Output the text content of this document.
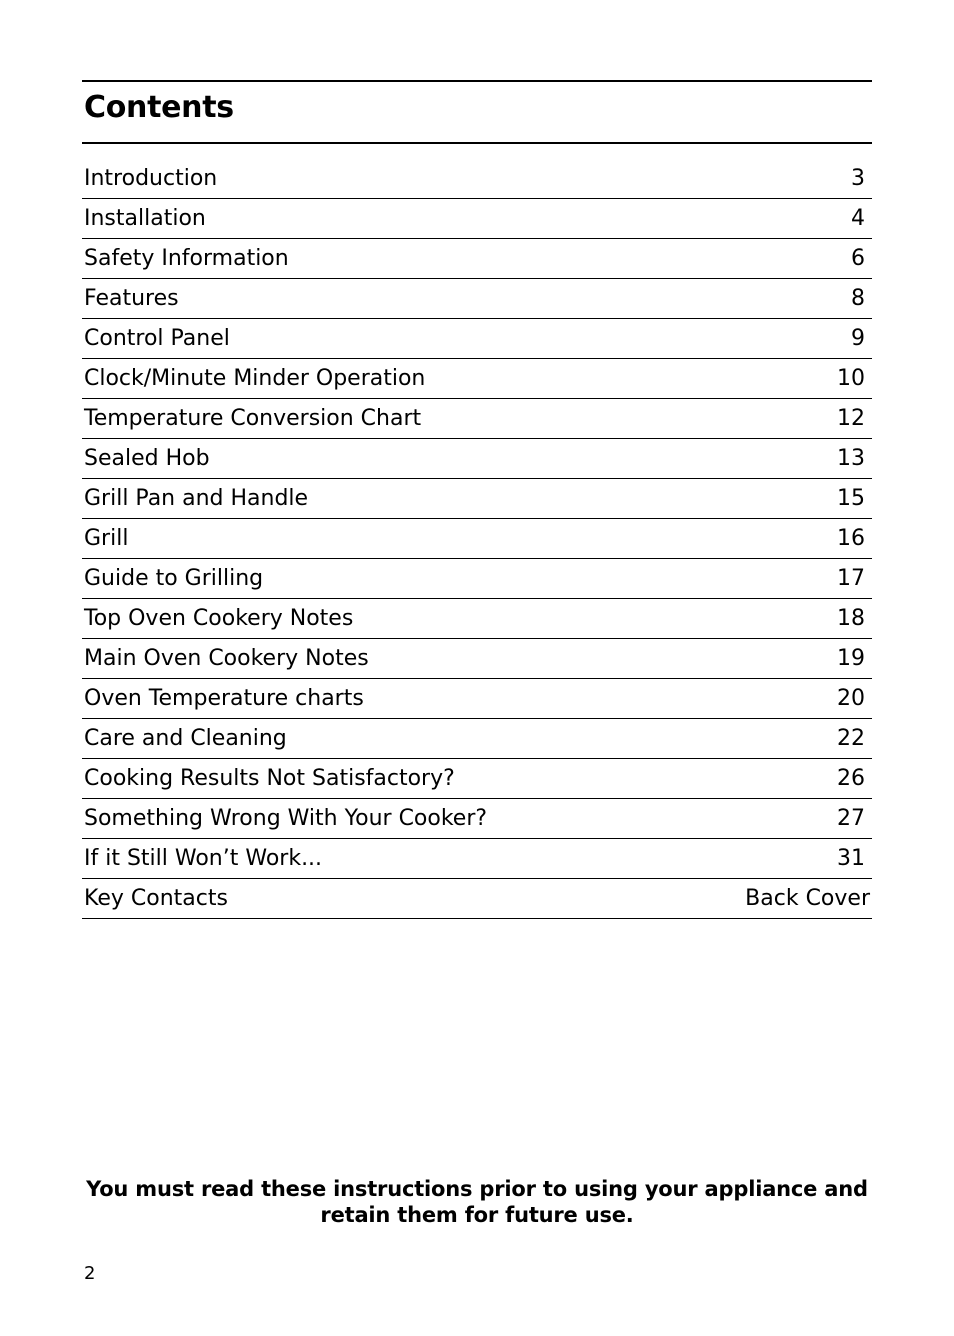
Contents
Introduction	3
Installation	4
Safety Information	6
Features	8
Control Panel	9
Clock/Minute Minder Operation	10
Temperature Conversion Chart	12
Sealed Hob	13
Grill Pan and Handle	15
Grill	16
Guide to Grilling	17
Top Oven Cookery Notes	18
Main Oven Cookery Notes	19
Oven Temperature charts	20
Care and Cleaning	22
Cooking Results Not Satisfactory?	26
Something Wrong With Your Cooker?	27
If it Still Won’t Work...	31
Key Contacts	Back Cover
You must read these instructions prior to using your appliance and
retain them for future use.
2
